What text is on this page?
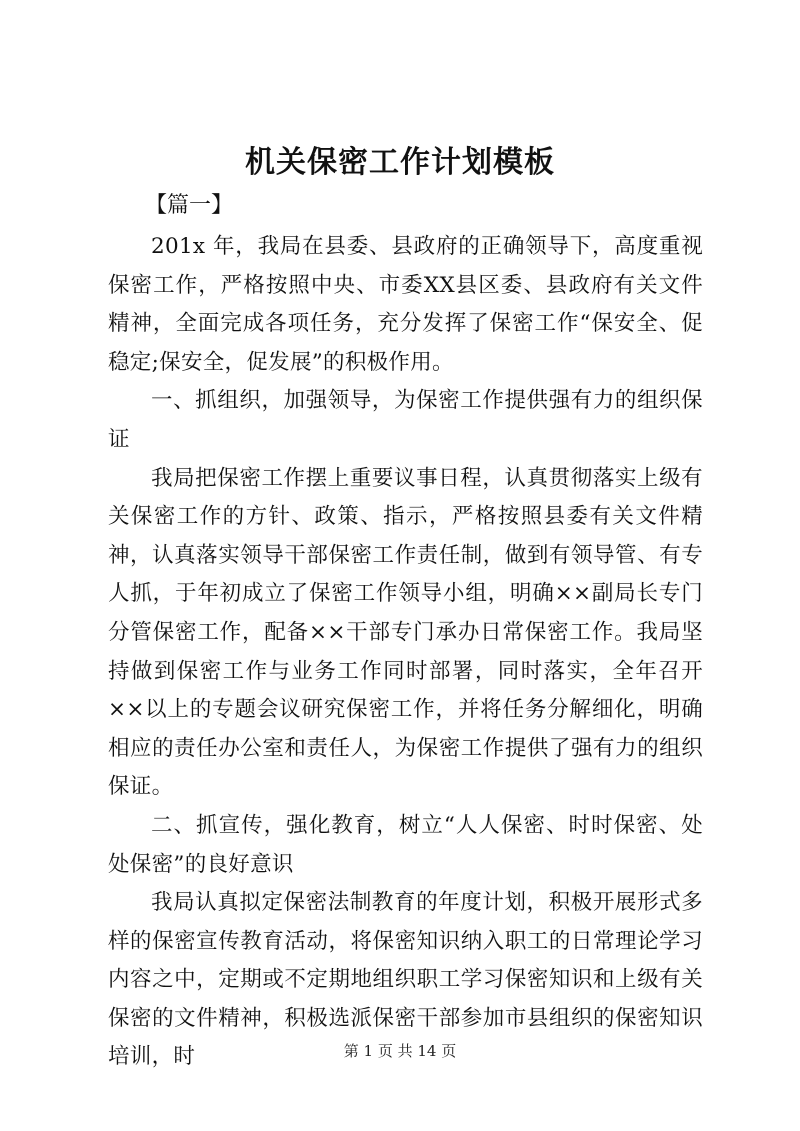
机关保密工作计划模板
【篇一】

201x 年，我局在县委、县政府的正确领导下，高度重视保密工作，严格按照中央、市委XX县区委、县政府有关文件精神，全面完成各项任务，充分发挥了保密工作“保安全、促稳定;保安全，促发展”的积极作用。

一、抓组织，加强领导，为保密工作提供强有力的组织保证

我局把保密工作摆上重要议事日程，认真贯彻落实上级有关保密工作的方针、政策、指示，严格按照县委有关文件精神，认真落实领导干部保密工作责任制，做到有领导管、有专人抓，于年初成立了保密工作领导小组，明确××副局长专门分管保密工作，配备××干部专门承办日常保密工作。我局坚持做到保密工作与业务工作同时部署，同时落实，全年召开××以上的专题会议研究保密工作，并将任务分解细化，明确相应的责任办公室和责任人，为保密工作提供了强有力的组织保证。

二、抓宣传，强化教育，树立“人人保密、时时保密、处处保密”的良好意识

我局认真拟定保密法制教育的年度计划，积极开展形式多样的保密宣传教育活动，将保密知识纳入职工的日常理论学习内容之中，定期或不定期地组织职工学习保密知识和上级有关保密的文件精神，积极选派保密干部参加市县组织的保密知识培训，时	第 1 页 共 14 页
